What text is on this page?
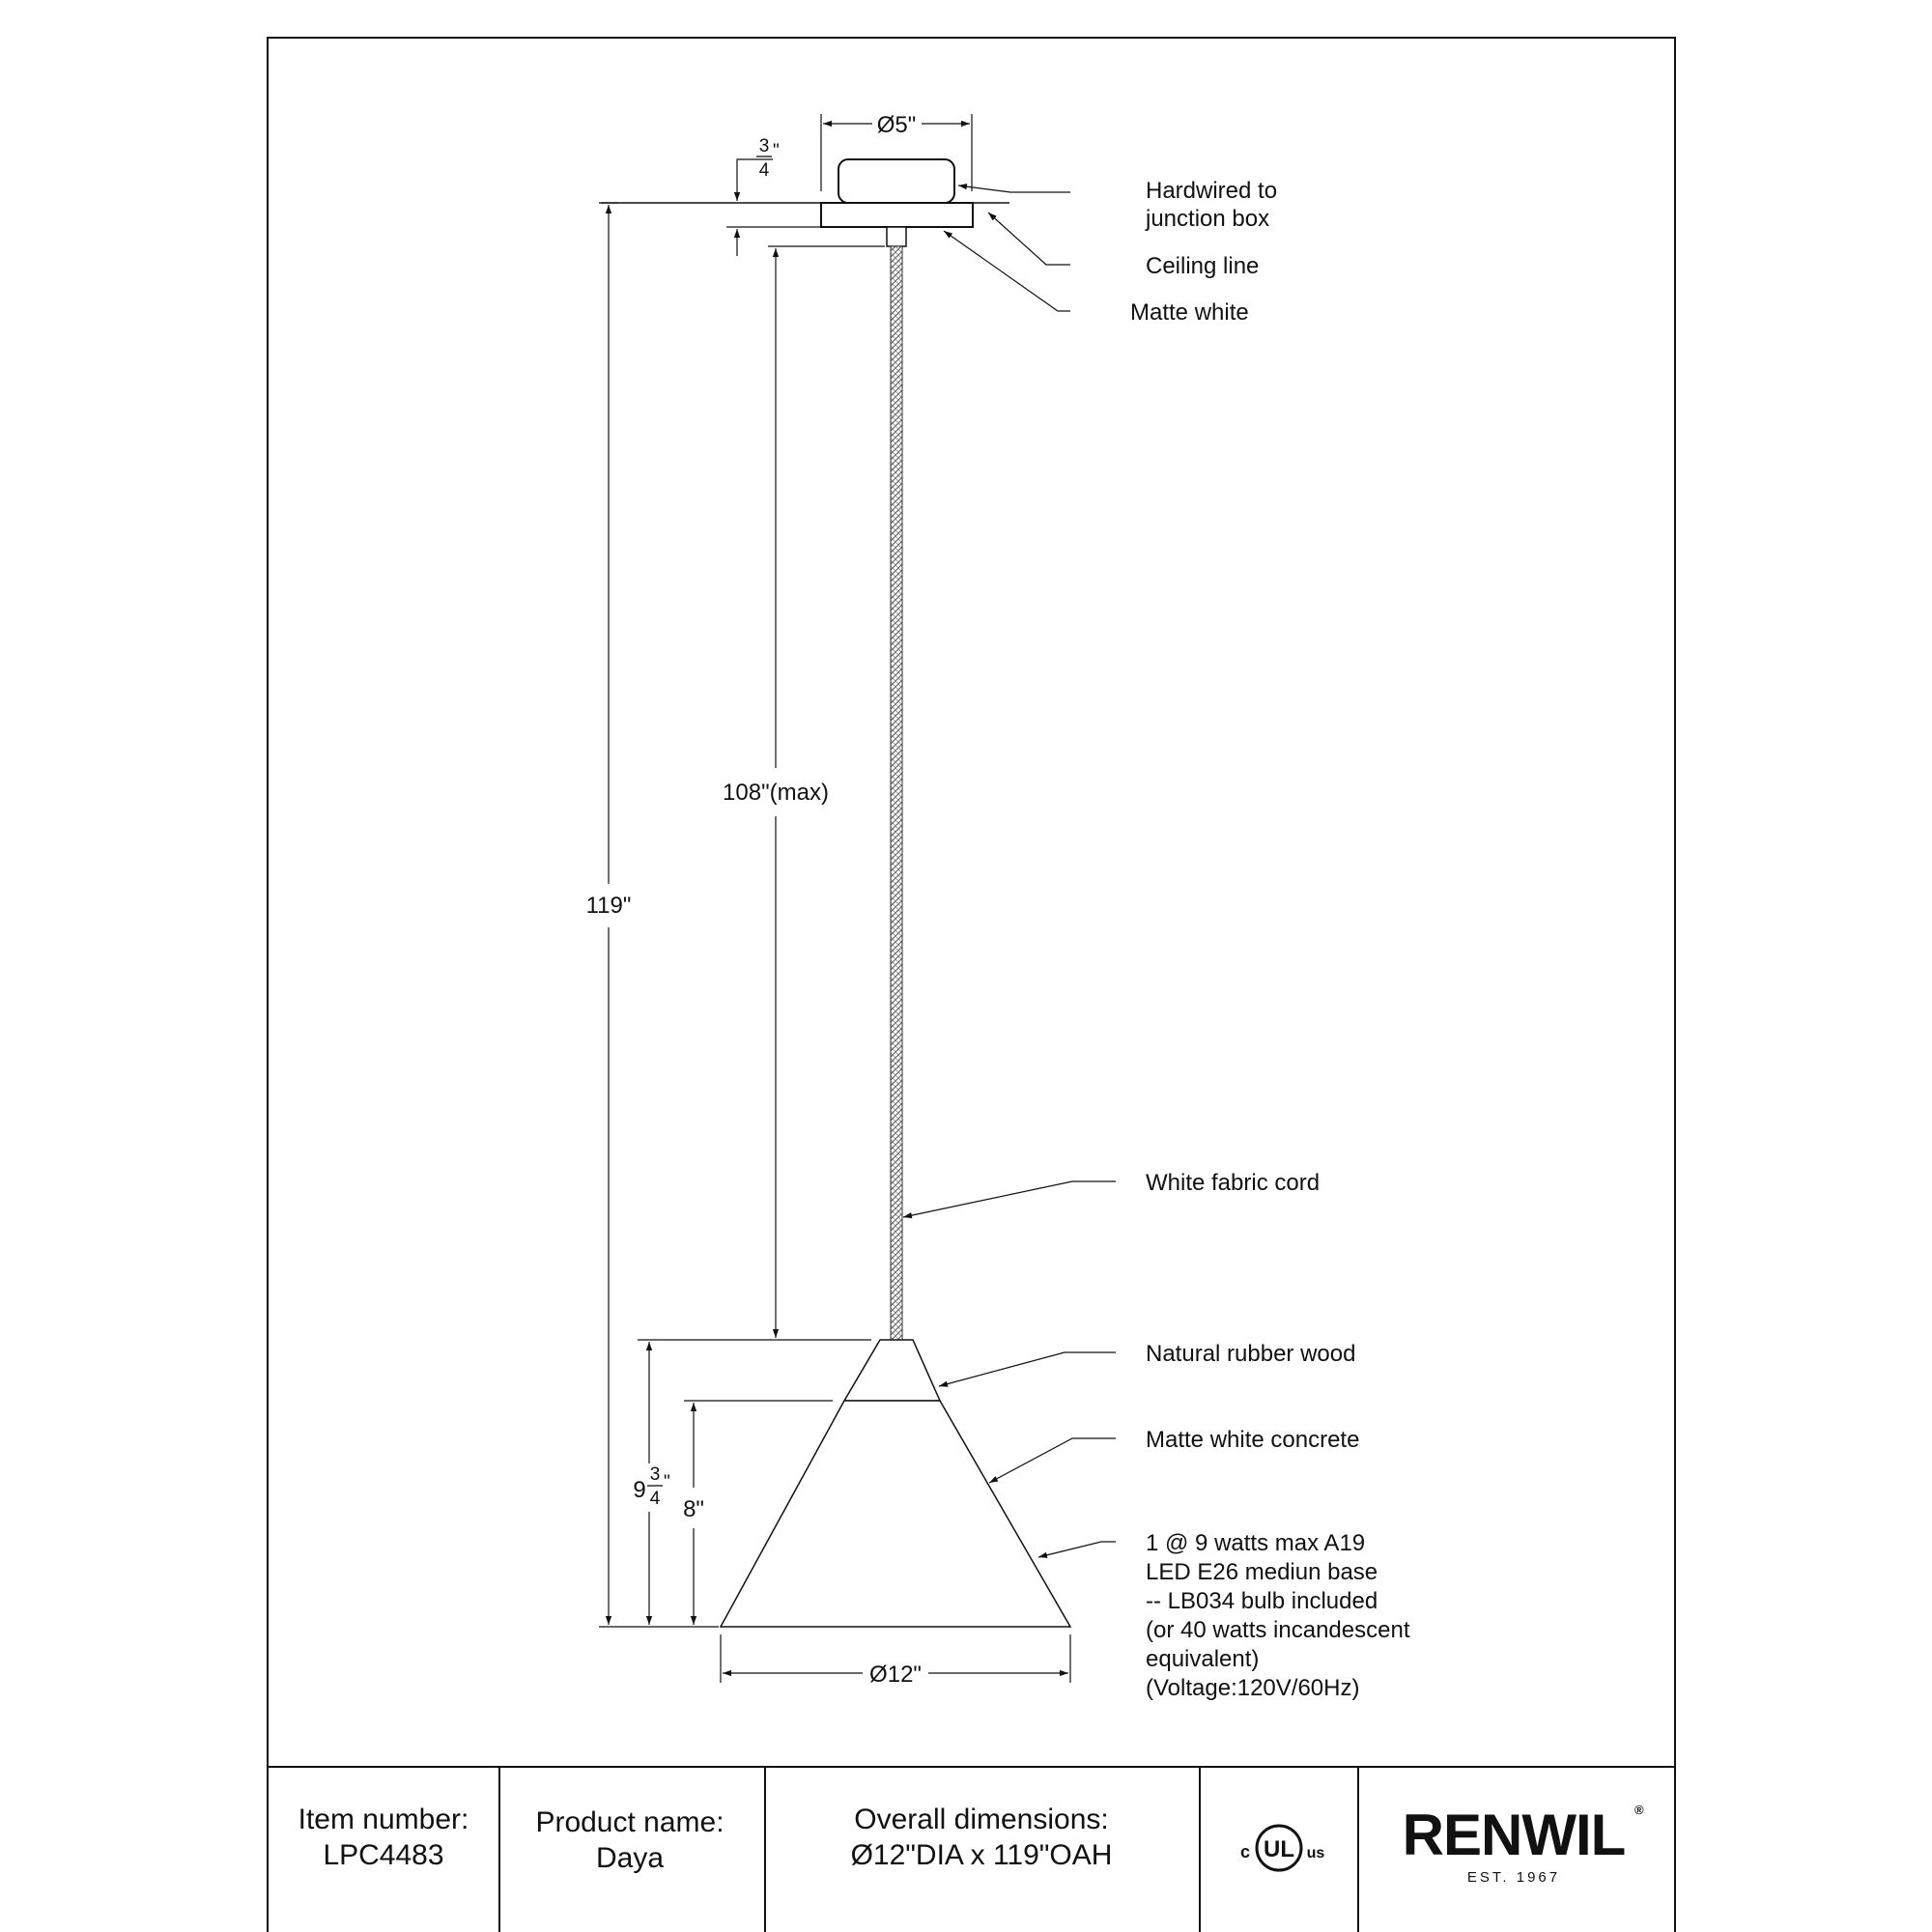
Ø5"
3
4
"
108"(max)
119"
9
3
4
"
8"
Ø12"
Hardwired to
junction box
Ceiling line
Matte white
White fabric cord
Natural rubber wood
Matte white concrete
1 @ 9 watts max A19
LED E26 mediun base
-- LB034 bulb included
(or 40 watts incandescent
equivalent)
(Voltage:120V/60Hz)
Item number:
LPC4483
Product name:
Daya
Overall dimensions:
Ø12"DIA x 119"OAH	UL
c	us RENWIL ®
EST. 1967
